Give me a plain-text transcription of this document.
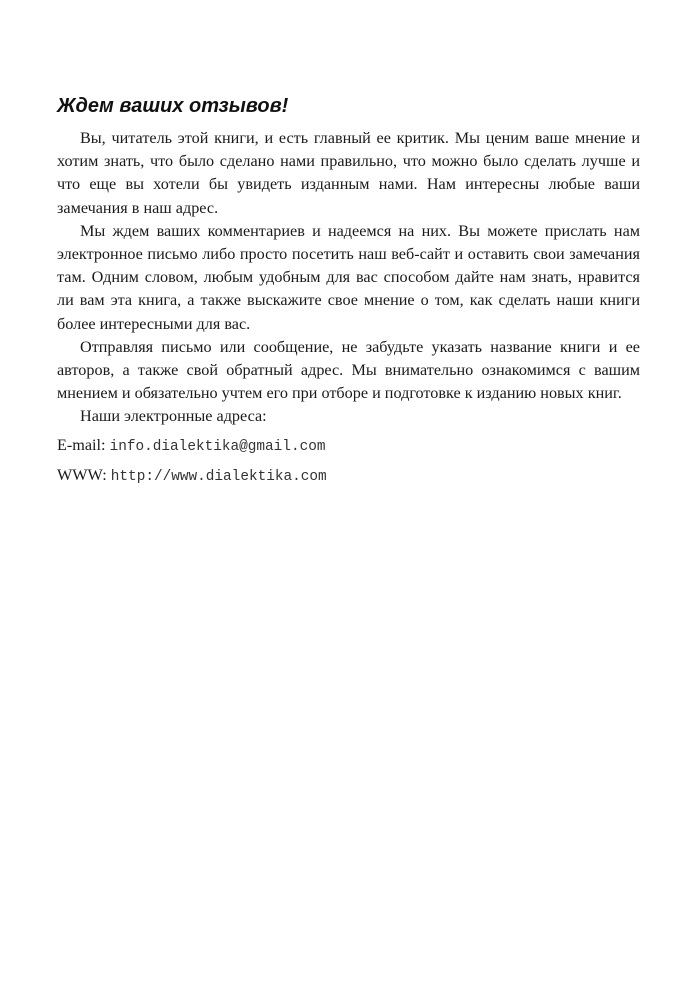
Ждем ваших отзывов!

Вы, читатель этой книги, и есть главный ее критик. Мы ценим ваше мнение и хотим знать, что было сделано нами правильно, что можно было сделать лучше и что еще вы хотели бы увидеть изданным нами. Нам интересны любые ваши замечания в наш адрес.

Мы ждем ваших комментариев и надеемся на них. Вы можете прислать нам электронное письмо либо просто посетить наш веб-сайт и оставить свои замечания там. Одним словом, любым удобным для вас способом дайте нам знать, нравится ли вам эта книга, а также выскажите свое мнение о том, как сделать наши книги более интересными для вас.

Отправляя письмо или сообщение, не забудьте указать название книги и ее авторов, а также свой обратный адрес. Мы внимательно ознакомимся с вашим мнением и обязательно учтем его при отборе и подготовке к изданию новых книг.

Наши электронные адреса:

E-mail: info.dialektika@gmail.com
WWW: http://www.dialektika.com
